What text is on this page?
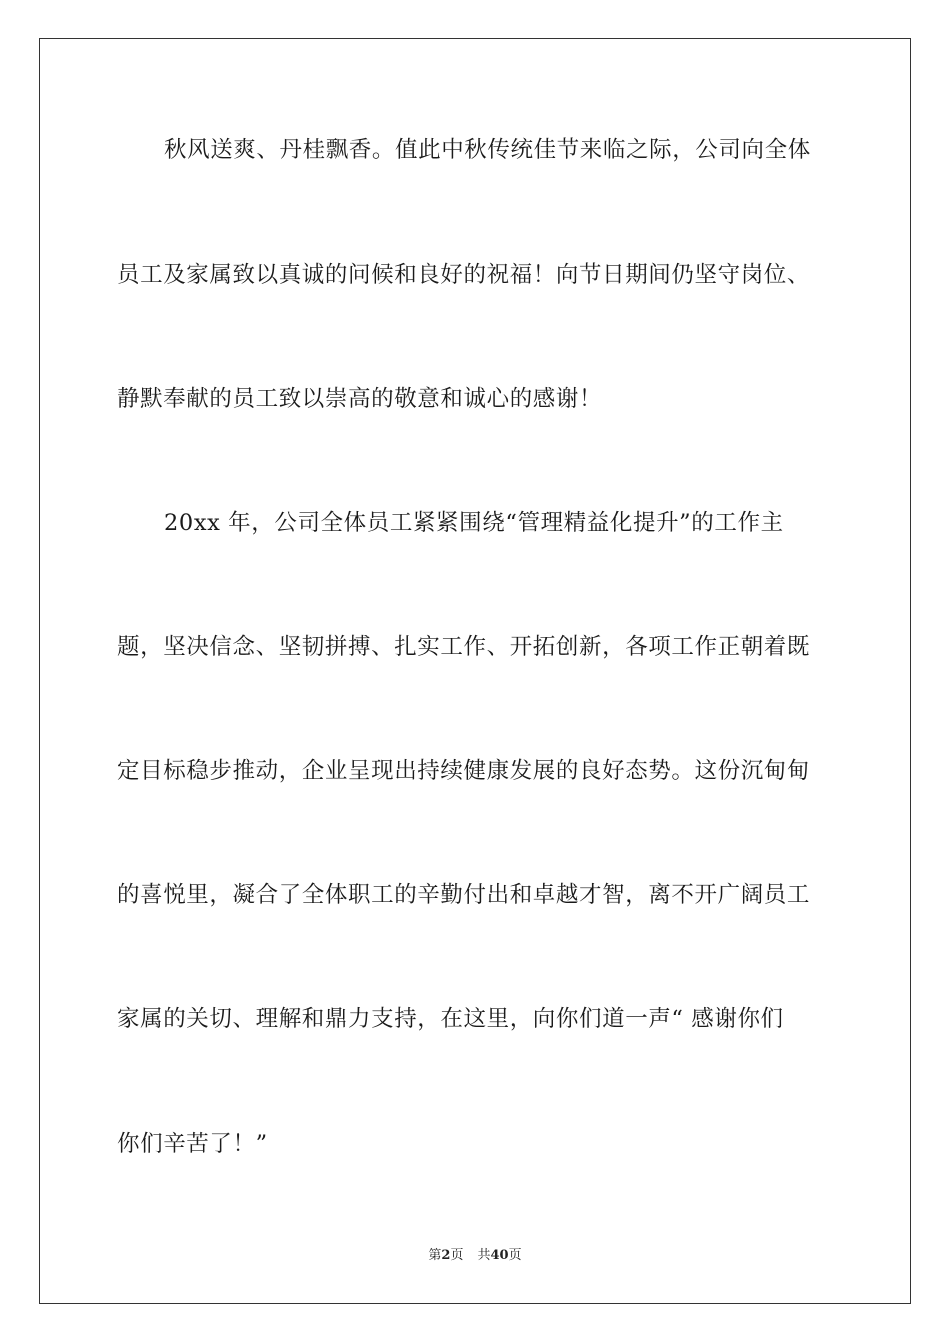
秋风送爽、丹桂飘香。值此中秋传统佳节来临之际，公司向全体
员工及家属致以真诚的问候和良好的祝福！向节日期间仍坚守岗位、
静默奉献的员工致以崇高的敬意和诚心的感谢！
20xx 年，公司全体员工紧紧围绕“管理精益化提升”的工作主
题，坚决信念、坚韧拼搏、扎实工作、开拓创新，各项工作正朝着既
定目标稳步推动，企业呈现出持续健康发展的良好态势。这份沉甸甸
的喜悦里，凝合了全体职工的辛勤付出和卓越才智，离不开广阔员工
家属的关切、理解和鼎力支持，在这里，向你们道一声“ 感谢你们
你们辛苦了！”
第2页 共40页
